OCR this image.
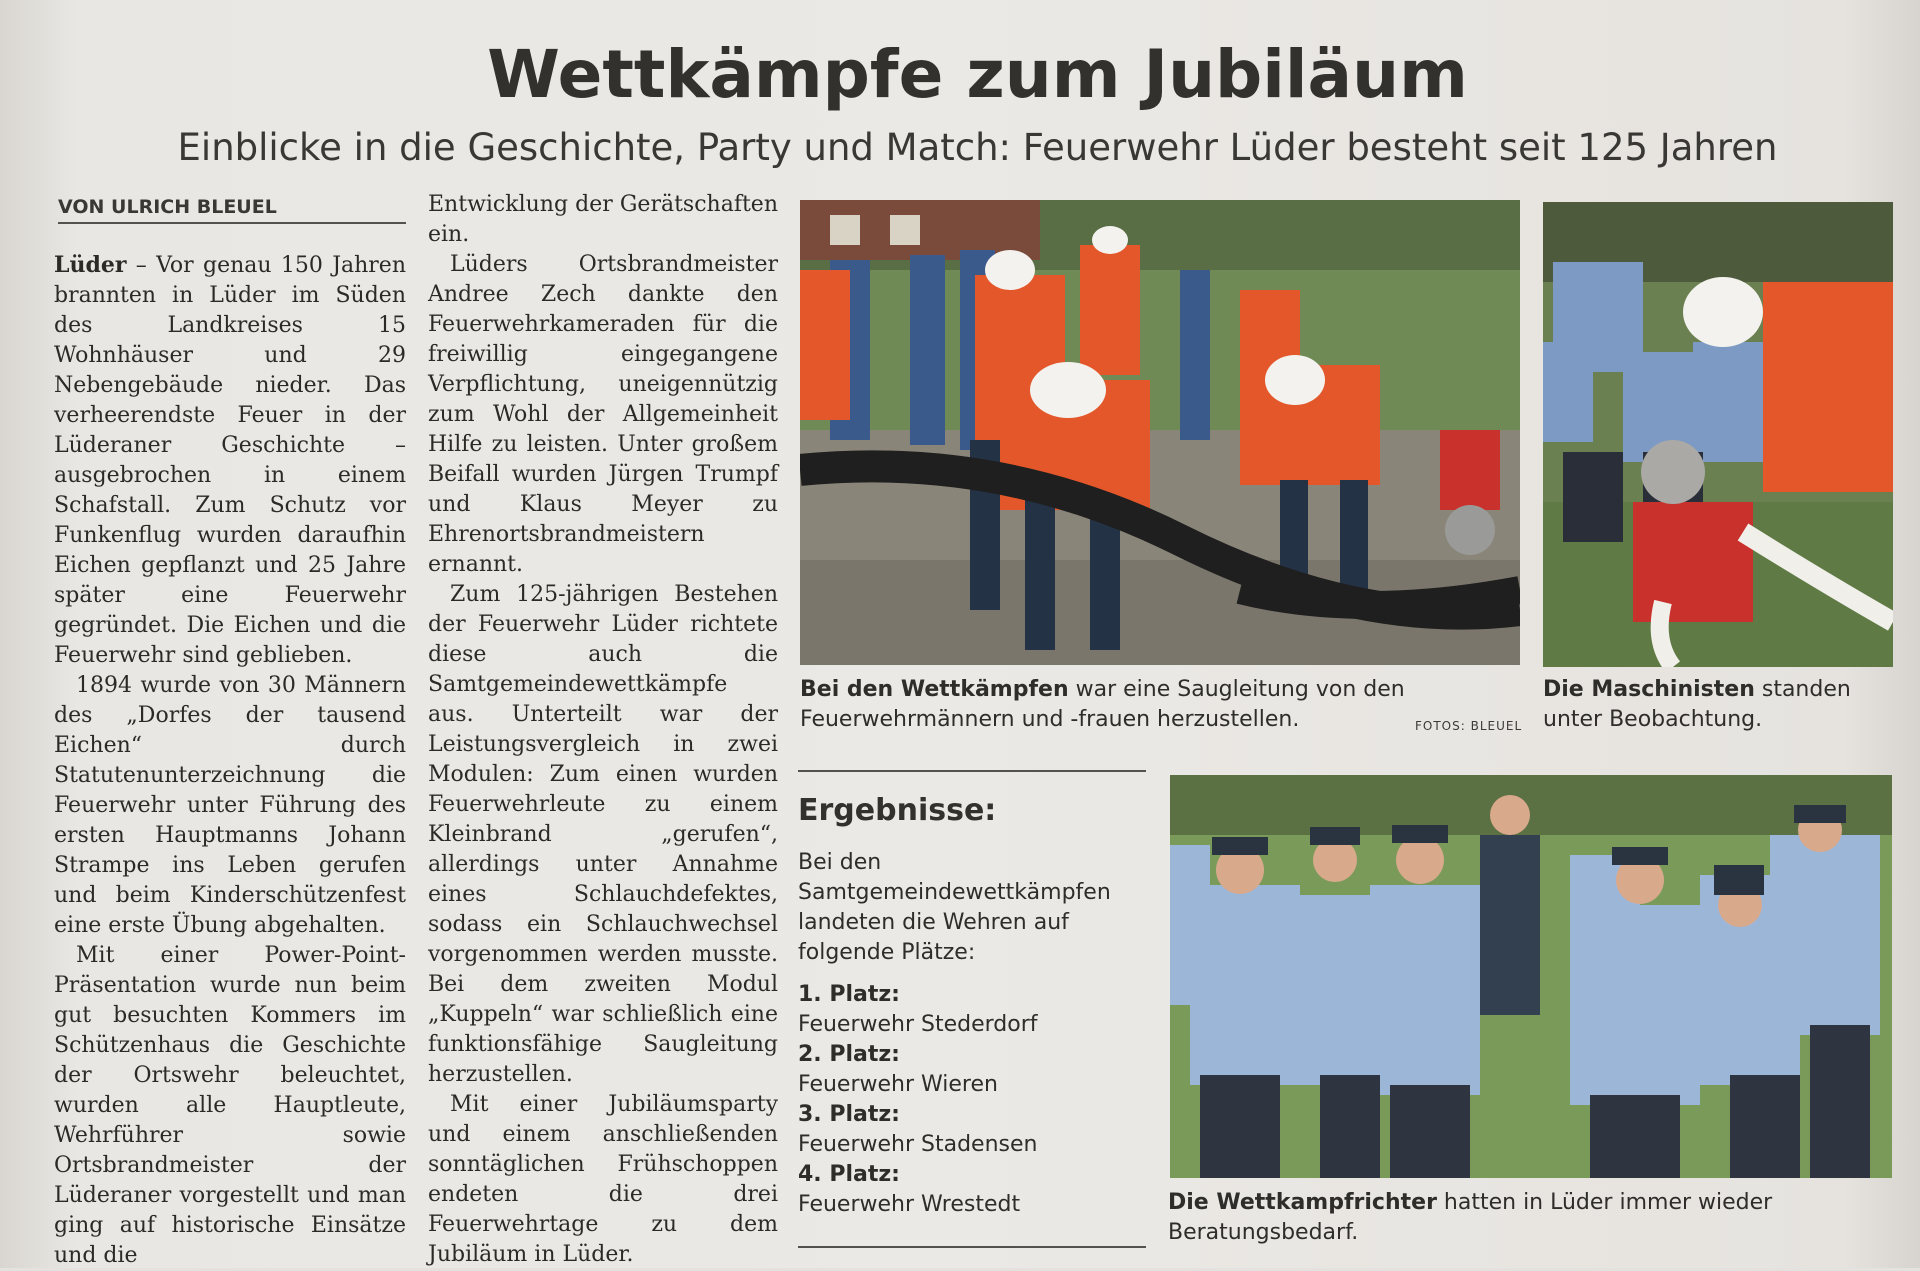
Wettkämpfe zum Jubiläum
Einblicke in die Geschichte, Party und Match: Feuerwehr Lüder besteht seit 125 Jahren
VON ULRICH BLEUEL

Lüder – Vor genau 150 Jahren brannten in Lüder im Süden des Landkreises 15 Wohnhäuser und 29 Nebengebäude nieder. Das verheerendste Feuer in der Lüderaner Geschichte – ausgebrochen in einem Schafstall. Zum Schutz vor Funkenflug wurden daraufhin Eichen gepflanzt und 25 Jahre später eine Feuerwehr gegründet. Die Eichen und die Feuerwehr sind geblieben.

1894 wurde von 30 Männern des „Dorfes der tausend Eichen“ durch Statutenunterzeichnung die Feuerwehr unter Führung des ersten Hauptmanns Johann Strampe ins Leben gerufen und beim Kinderschützenfest eine erste Übung abgehalten.

Mit einer Power-Point-Präsentation wurde nun beim gut besuchten Kommers im Schützenhaus die Geschichte der Ortswehr beleuchtet, wurden alle Hauptleute, Wehrführer sowie Ortsbrandmeister der Lüderaner vorgestellt und man ging auf historische Einsätze und die

Entwicklung der Gerätschaften ein.

Lüders Ortsbrandmeister Andree Zech dankte den Feuerwehrkameraden für die freiwillig eingegangene Verpflichtung, uneigennützig zum Wohl der Allgemeinheit Hilfe zu leisten. Unter großem Beifall wurden Jürgen Trumpf und Klaus Meyer zu Ehrenortsbrandmeistern ernannt.

Zum 125-jährigen Bestehen der Feuerwehr Lüder richtete diese auch die Samtgemeindewettkämpfe aus. Unterteilt war der Leistungsvergleich in zwei Modulen: Zum einen wurden Feuerwehrleute zu einem Kleinbrand „gerufen“, allerdings unter Annahme eines Schlauchdefektes, sodass ein Schlauchwechsel vorgenommen werden musste. Bei dem zweiten Modul „Kuppeln“ war schließlich eine funktionsfähige Saugleitung herzustellen.

Mit einer Jubiläumsparty und einem anschließenden sonntäglichen Frühschoppen endeten die drei Feuerwehrtage zu dem Jubiläum in Lüder.

Bei den Wettkämpfen war eine Saugleitung von den Feuerwehrmännern und -frauen herzustellen.	FOTOS: BLEUEL
Die Maschinisten standen unter Beobachtung.
Ergebnisse:
Bei den Samtgemeindewettkämpfen landeten die Wehren auf folgende Plätze:
1. Platz:
Feuerwehr Stederdorf
2. Platz:
Feuerwehr Wieren
3. Platz:
Feuerwehr Stadensen
4. Platz:
Feuerwehr Wrestedt	Die Wettkampfrichter hatten in Lüder immer wieder Beratungsbedarf.
